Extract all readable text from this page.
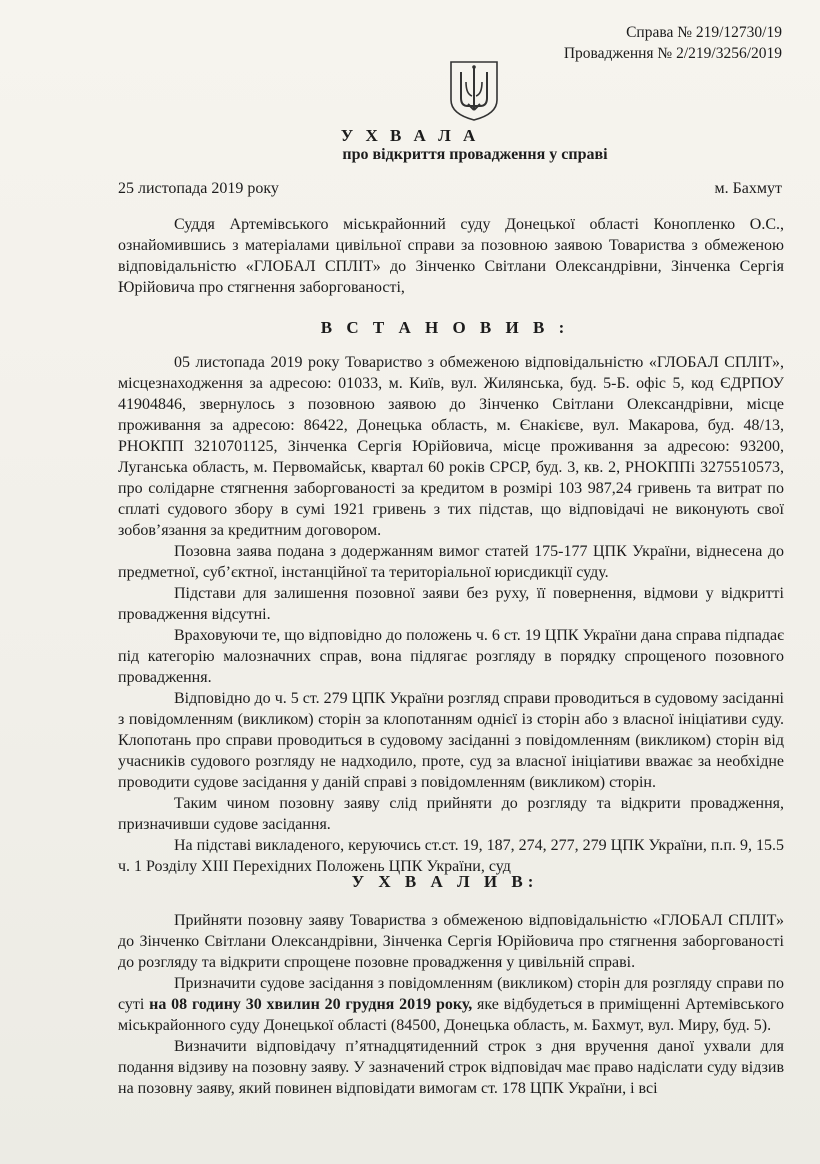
Справа № 219/12730/19
Провадження № 2/219/3256/2019
У Х В А Л А
про відкриття провадження у справі
25 листопада 2019 року	м. Бахмут

Суддя Артемівського міськрайонний суду Донецької області Конопленко О.С., ознайомившись з матеріалами цивільної справи за позовною заявою Товариства з обмеженою відповідальністю «ГЛОБАЛ СПЛІТ» до Зінченко Світлани Олександрівни, Зінченка Сергія Юрійовича про стягнення заборгованості,

В С Т А Н О В И В :

05 листопада 2019 року Товариство з обмеженою відповідальністю «ГЛОБАЛ СПЛІТ», місцезнаходження за адресою: 01033, м. Київ, вул. Жилянська, буд. 5-Б. офіс 5, код ЄДРПОУ 41904846, звернулось з позовною заявою до Зінченко Світлани Олександрівни, місце проживання за адресою: 86422, Донецька область, м. Єнакієве, вул. Макарова, буд. 48/13, РНОКПП 3210701125, Зінченка Сергія Юрійовича, місце проживання за адресою: 93200, Луганська область, м. Первомайськ, квартал 60 років СРСР, буд. 3, кв. 2, РНОКППі 3275510573, про солідарне стягнення заборгованості за кредитом в розмірі 103 987,24 гривень та витрат по сплаті судового збору в сумі 1921 гривень з тих підстав, що відповідачі не виконують свої зобов’язання за кредитним договором.

Позовна заява подана з додержанням вимог статей 175-177 ЦПК України, віднесена до предметної, суб’єктної, інстанційної та територіальної юрисдикції суду.

Підстави для залишення позовної заяви без руху, її повернення, відмови у відкритті провадження відсутні.

Враховуючи те, що відповідно до положень ч. 6 ст. 19 ЦПК України дана справа підпадає під категорію малозначних справ, вона підлягає розгляду в порядку спрощеного позовного провадження.

Відповідно до ч. 5 ст. 279 ЦПК України розгляд справи проводиться в судовому засіданні з повідомленням (викликом) сторін за клопотанням однієї із сторін або з власної ініціативи суду. Клопотань про справи проводиться в судовому засіданні з повідомленням (викликом) сторін від учасників судового розгляду не надходило, проте, суд за власної ініціативи вважає за необхідне проводити судове засідання у даній справі з повідомленням (викликом) сторін.

Таким чином позовну заяву слід прийняти до розгляду та відкрити провадження, призначивши судове засідання.

На підставі викладеного, керуючись ст.ст. 19, 187, 274, 277, 279 ЦПК України, п.п. 9, 15.5 ч. 1 Розділу XIII Перехідних Положень ЦПК України, суд

У Х В А Л И В:

Прийняти позовну заяву Товариства з обмеженою відповідальністю «ГЛОБАЛ СПЛІТ» до Зінченко Світлани Олександрівни, Зінченка Сергія Юрійовича про стягнення заборгованості до розгляду та відкрити спрощене позовне провадження у цивільній справі.

Призначити судове засідання з повідомленням (викликом) сторін для розгляду справи по суті на 08 годину 30 хвилин 20 грудня 2019 року, яке відбудеться в приміщенні Артемівського міськрайонного суду Донецької області (84500, Донецька область, м. Бахмут, вул. Миру, буд. 5).

Визначити відповідачу п’ятнадцятиденний строк з дня вручення даної ухвали для подання відзиву на позовну заяву. У зазначений строк відповідач має право надіслати суду відзив на позовну заяву, який повинен відповідати вимогам ст. 178 ЦПК України, і всі
